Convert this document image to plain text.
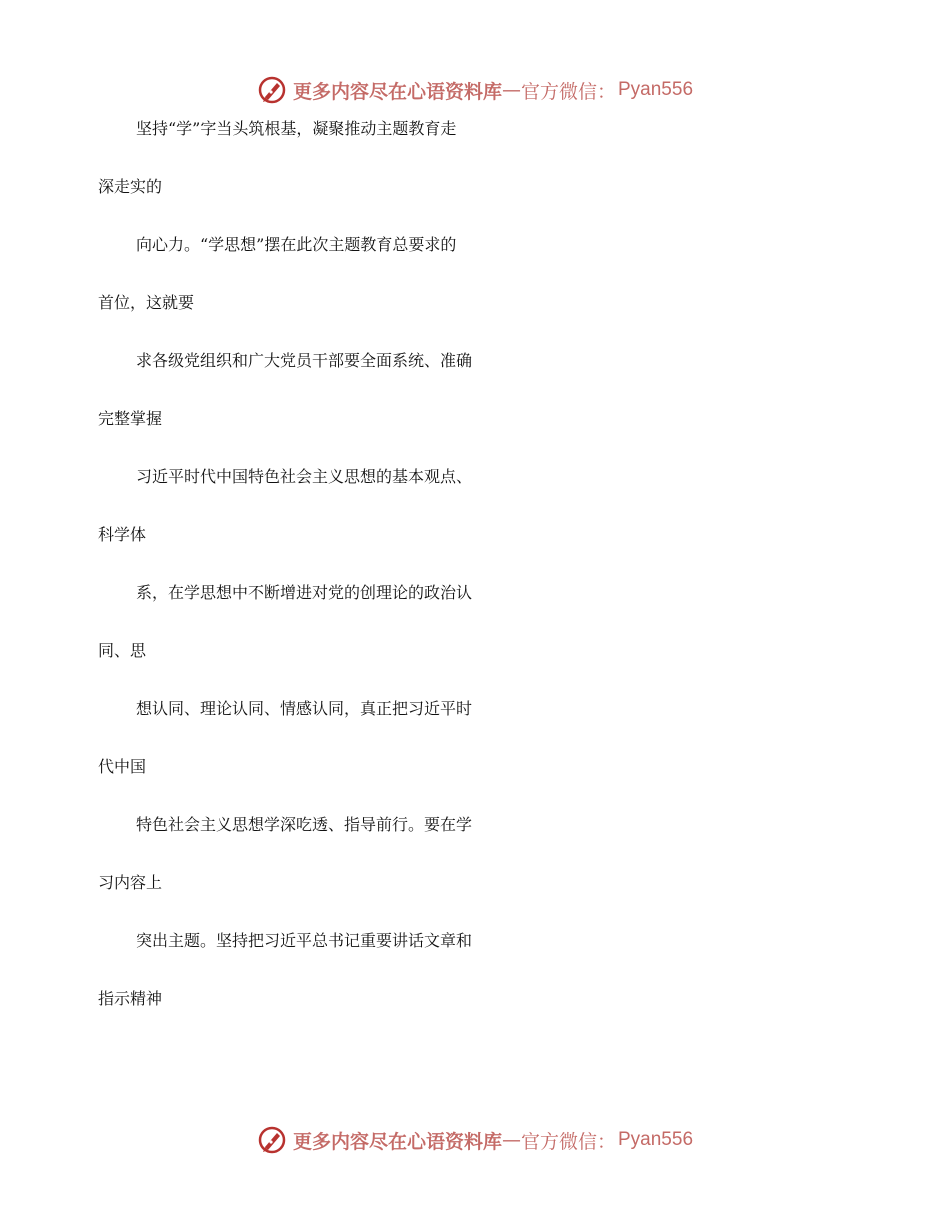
更多内容尽在心语资料库 — 官方微信： Pyan556
坚持“学”字当头筑根基，凝聚推动主题教育走
深走实的
向心力。“学思想”摆在此次主题教育总要求的
首位，这就要
求各级党组织和广大党员干部要全面系统、准确
完整掌握
习近平时代中国特色社会主义思想的基本观点、
科学体
系，在学思想中不断增进对党的创理论的政治认
同、思
想认同、理论认同、情感认同，真正把习近平时
代中国
特色社会主义思想学深吃透、指导前行。要在学
习内容上
突出主题。坚持把习近平总书记重要讲话文章和
指示精神
更多内容尽在心语资料库 — 官方微信： Pyan556
